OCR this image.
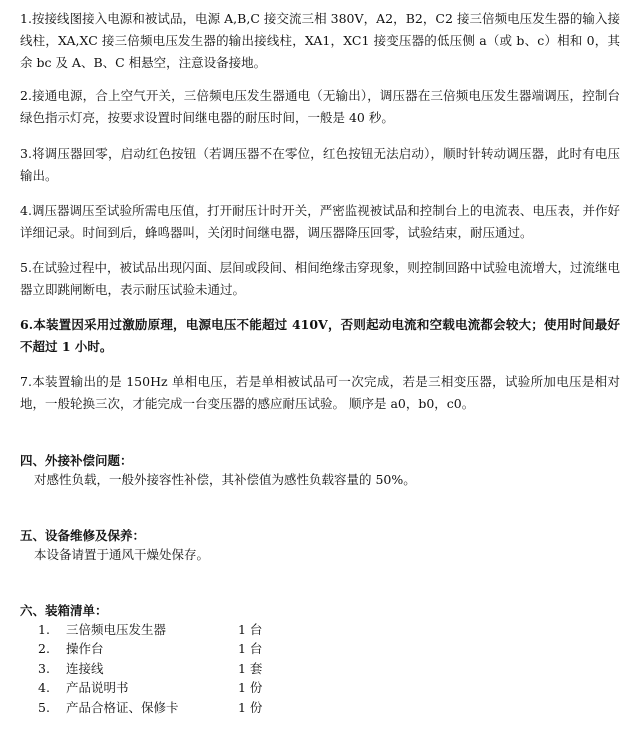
1.按接线图接入电源和被试品，电源 A,B,C 接交流三相 380V，A2，B2，C2 接三倍频电压发生器的输入接线柱，XA,XC 接三倍频电压发生器的输出接线柱，XA1，XC1 接变压器的低压侧 a（或 b、c）相和 0，其余 bc 及 A、B、C 相悬空，注意设备接地。

2.接通电源，合上空气开关，三倍频电压发生器通电（无输出），调压器在三倍频电压发生器端调压，控制台绿色指示灯亮，按要求设置时间继电器的耐压时间，一般是 40 秒。

3.将调压器回零，启动红色按钮（若调压器不在零位，红色按钮无法启动），顺时针转动调压器，此时有电压输出。

4.调压器调压至试验所需电压值，打开耐压计时开关，严密监视被试品和控制台上的电流表、电压表，并作好详细记录。时间到后，蜂鸣器叫，关闭时间继电器，调压器降压回零，试验结束，耐压通过。

5.在试验过程中，被试品出现闪面、层间或段间、相间绝缘击穿现象，则控制回路中试验电流增大，过流继电器立即跳闸断电，表示耐压试验未通过。

6.本装置因采用过激励原理，电源电压不能超过 410V，否则起动电流和空载电流都会较大；使用时间最好不超过 1 小时。

7.本装置输出的是 150Hz 单相电压，若是单相被试品可一次完成，若是三相变压器，试验所加电压是相对地，一般轮换三次，才能完成一台变压器的感应耐压试验。 顺序是 a0，b0，c0。

四、外接补偿问题：

对感性负载，一般外接容性补偿，其补偿值为感性负载容量的 50%。

五、设备维修及保养：

本设备请置于通风干燥处保存。

六、装箱清单：

1.	三倍频电压发生器	1 台
2.	操作台	1 台
3.	连接线	1 套
4.	产品说明书	1 份
5.	产品合格证、保修卡	1 份
